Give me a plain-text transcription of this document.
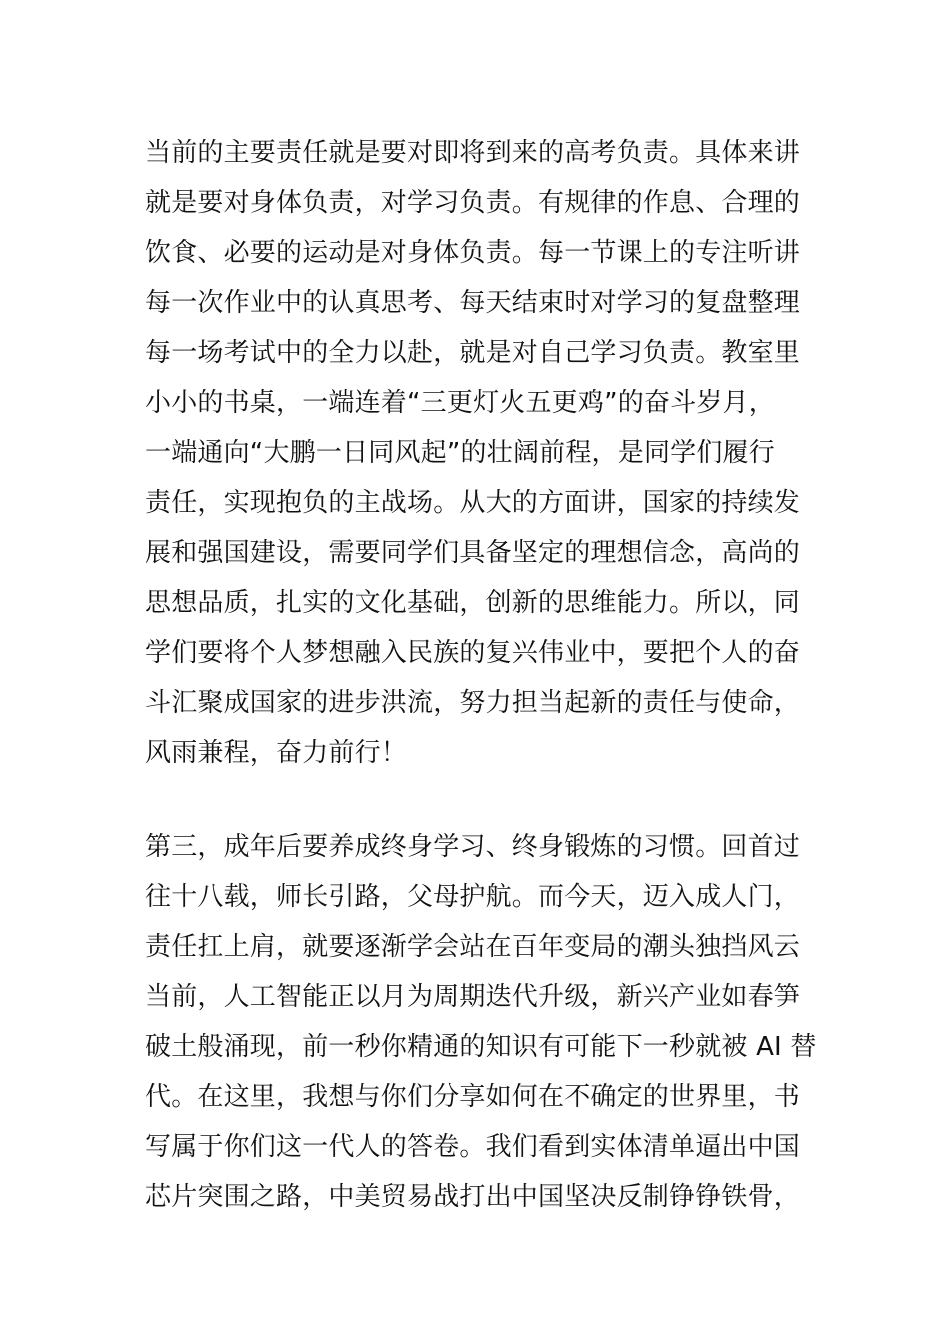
当前的主要责任就是要对即将到来的高考负责。具体来讲
就是要对身体负责，对学习负责。有规律的作息、合理的
饮食、必要的运动是对身体负责。每一节课上的专注听讲
每一次作业中的认真思考、每天结束时对学习的复盘整理
每一场考试中的全力以赴，就是对自己学习负责。教室里
小小的书桌，一端连着“三更灯火五更鸡”的奋斗岁月，
一端通向“大鹏一日同风起”的壮阔前程，是同学们履行
责任，实现抱负的主战场。从大的方面讲，国家的持续发
展和强国建设，需要同学们具备坚定的理想信念，高尚的
思想品质，扎实的文化基础，创新的思维能力。所以，同
学们要将个人梦想融入民族的复兴伟业中，要把个人的奋
斗汇聚成国家的进步洪流，努力担当起新的责任与使命，
风雨兼程，奋力前行！
第三，成年后要养成终身学习、终身锻炼的习惯。回首过
往十八载，师长引路，父母护航。而今天，迈入成人门，
责任扛上肩，就要逐渐学会站在百年变局的潮头独挡风云
当前，人工智能正以月为周期迭代升级，新兴产业如春笋
破土般涌现，前一秒你精通的知识有可能下一秒就被 AI 替
代。在这里，我想与你们分享如何在不确定的世界里，书
写属于你们这一代人的答卷。我们看到实体清单逼出中国
芯片突围之路，中美贸易战打出中国坚决反制铮铮铁骨，
